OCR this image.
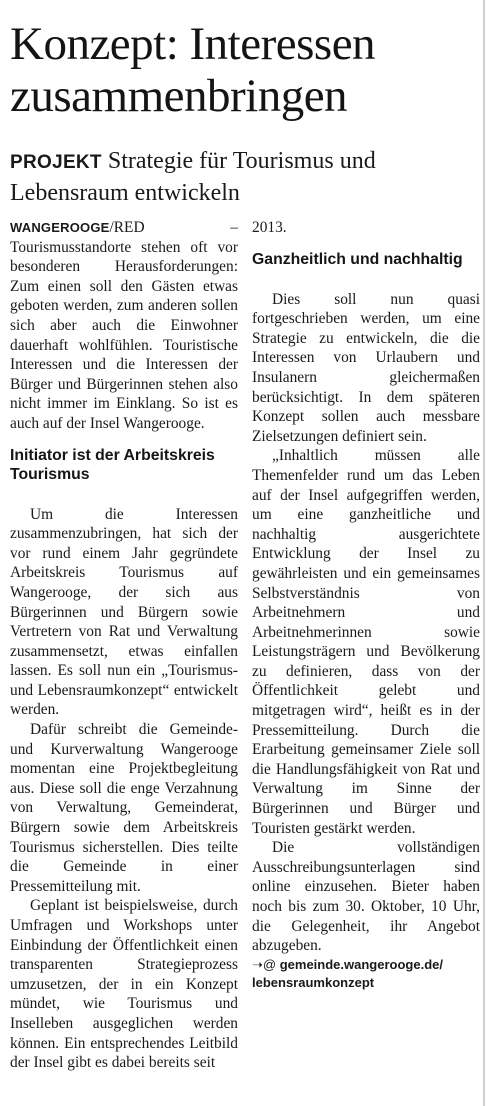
Konzept: Interessen zusammenbringen

PROJEKT Strategie für Tourismus und Lebensraum entwickeln

WANGEROOGE/RED – Tourismusstandorte stehen oft vor besonderen Herausforderungen: Zum einen soll den Gästen etwas geboten werden, zum anderen sollen sich aber auch die Einwohner dauerhaft wohlfühlen. Touristische Interessen und die Interessen der Bürger und Bürgerinnen stehen also nicht immer im Einklang. So ist es auch auf der Insel Wangerooge.

Initiator ist der Arbeitskreis Tourismus

Um die Interessen zusammenzubringen, hat sich der vor rund einem Jahr gegründete Arbeitskreis Tourismus auf Wangerooge, der sich aus Bürgerinnen und Bürgern sowie Vertretern von Rat und Verwaltung zusammensetzt, etwas einfallen lassen. Es soll nun ein „Tourismus- und Lebensraumkonzept“ entwickelt werden.

Dafür schreibt die Gemeinde- und Kurverwaltung Wangerooge momentan eine Projektbegleitung aus. Diese soll die enge Verzahnung von Verwaltung, Gemeinderat, Bürgern sowie dem Arbeitskreis Tourismus sicherstellen. Dies teilte die Gemeinde in einer Pressemitteilung mit.

Geplant ist beispielsweise, durch Umfragen und Workshops unter Einbindung der Öffentlichkeit einen transparenten Strategieprozess umzusetzen, der in ein Konzept mündet, wie Tourismus und Inselleben ausgeglichen werden können. Ein entsprechendes Leitbild der Insel gibt es dabei bereits seit

2013.

Ganzheitlich und nachhaltig

Dies soll nun quasi fortgeschrieben werden, um eine Strategie zu entwickeln, die die Interessen von Urlaubern und Insulanern gleichermaßen berücksichtigt. In dem späteren Konzept sollen auch messbare Zielsetzungen definiert sein.

„Inhaltlich müssen alle Themenfelder rund um das Leben auf der Insel aufgegriffen werden, um eine ganzheitliche und nachhaltig ausgerichtete Entwicklung der Insel zu gewährleisten und ein gemeinsames Selbstverständnis von Arbeitnehmern und Arbeitnehmerinnen sowie Leistungsträgern und Bevölkerung zu definieren, dass von der Öffentlichkeit gelebt und mitgetragen wird“, heißt es in der Pressemitteilung. Durch die Erarbeitung gemeinsamer Ziele soll die Handlungsfähigkeit von Rat und Verwaltung im Sinne der Bürgerinnen und Bürger und Touristen gestärkt werden.

Die vollständigen Ausschreibungsunterlagen sind online einzusehen. Bieter haben noch bis zum 30. Oktober, 10 Uhr, die Gelegenheit, ihr Angebot abzugeben.

➝@ gemeinde.wangerooge.de/
lebensraumkonzept
